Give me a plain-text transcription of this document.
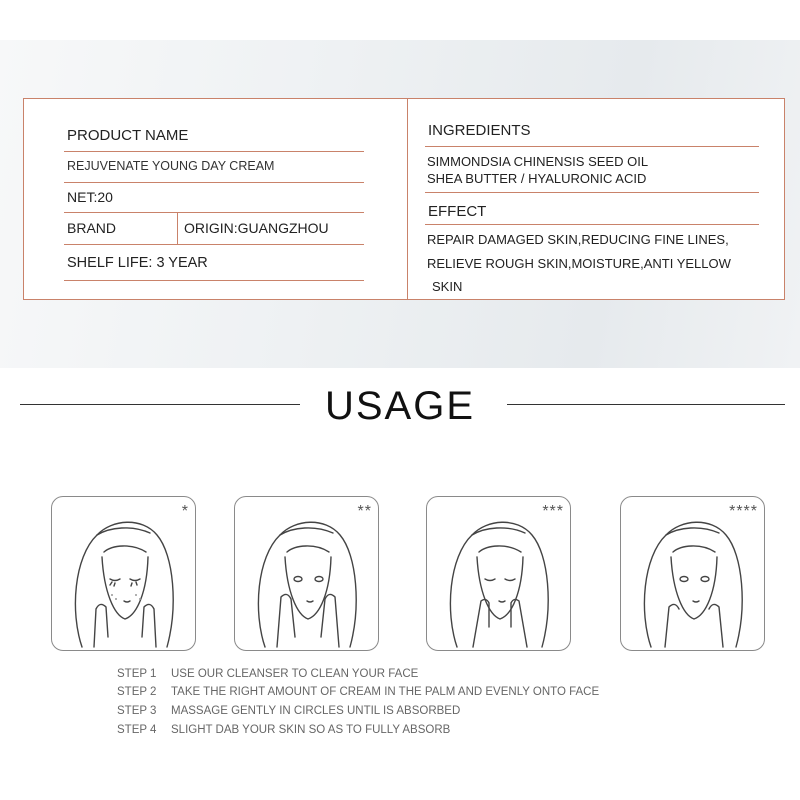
PRODUCT NAME
REJUVENATE YOUNG DAY CREAM
NET:20
BRAND	ORIGIN:GUANGZHOU
SHELF LIFE: 3 YEAR
INGREDIENTS
SIMMONDSIA CHINENSIS SEED OIL
SHEA BUTTER / HYALURONIC ACID
EFFECT
REPAIR DAMAGED SKIN,REDUCING FINE LINES,
RELIEVE ROUGH SKIN,MOISTURE,ANTI YELLOW
SKIN
USAGE
*	**	***	****
STEP 1 USE OUR CLEANSER TO CLEAN YOUR FACE
STEP 2 TAKE THE RIGHT AMOUNT OF CREAM IN THE PALM AND EVENLY ONTO FACE
STEP 3 MASSAGE GENTLY IN CIRCLES UNTIL IS ABSORBED
STEP 4 SLIGHT DAB YOUR SKIN SO AS TO FULLY ABSORB
